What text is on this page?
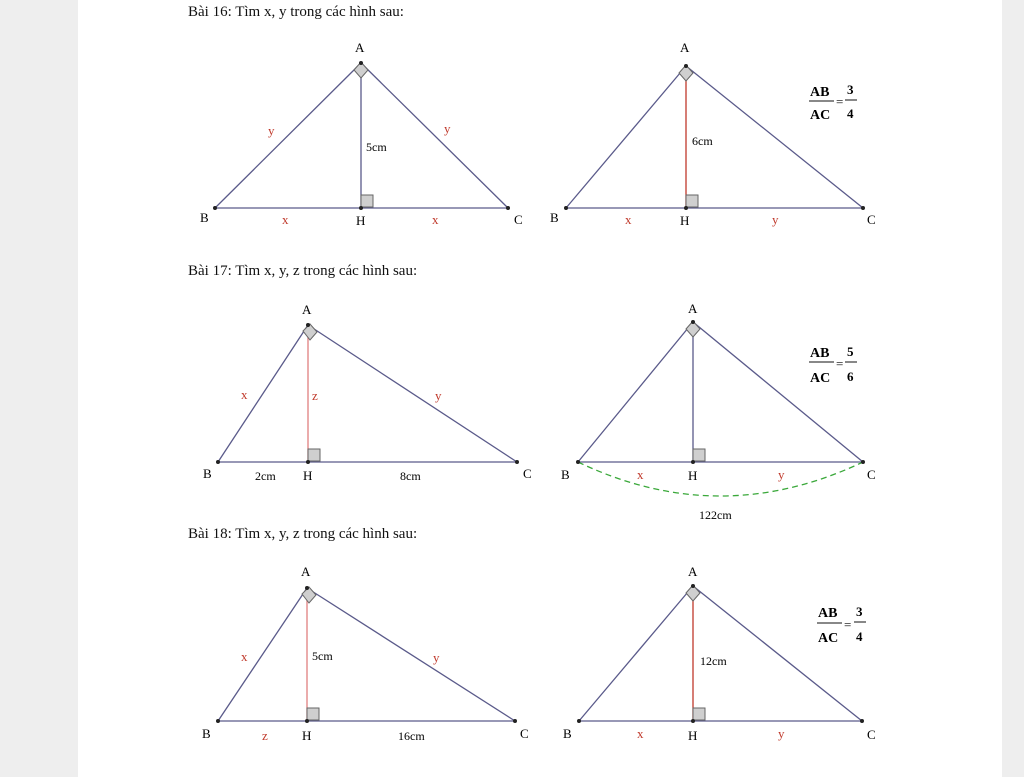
Bài 16: Tìm x, y trong các hình sau:
Bài 17: Tìm x, y, z trong các hình sau:
Bài 18: Tìm x, y, z trong các hình sau:
A
B	C
H
y	y
5cm
x	x
A
B	C
H
6cm
x	y
AB
AC
=
3
4
A
B	C
H
x	y
z
2cm	8cm
A
B	C
H
x	y
122cm
AB
AC
=
5
6
A
B	C
H
x	y
5cm
z	16cm
A
B	C
H
12cm
x	y
AB
AC
=
3
4
